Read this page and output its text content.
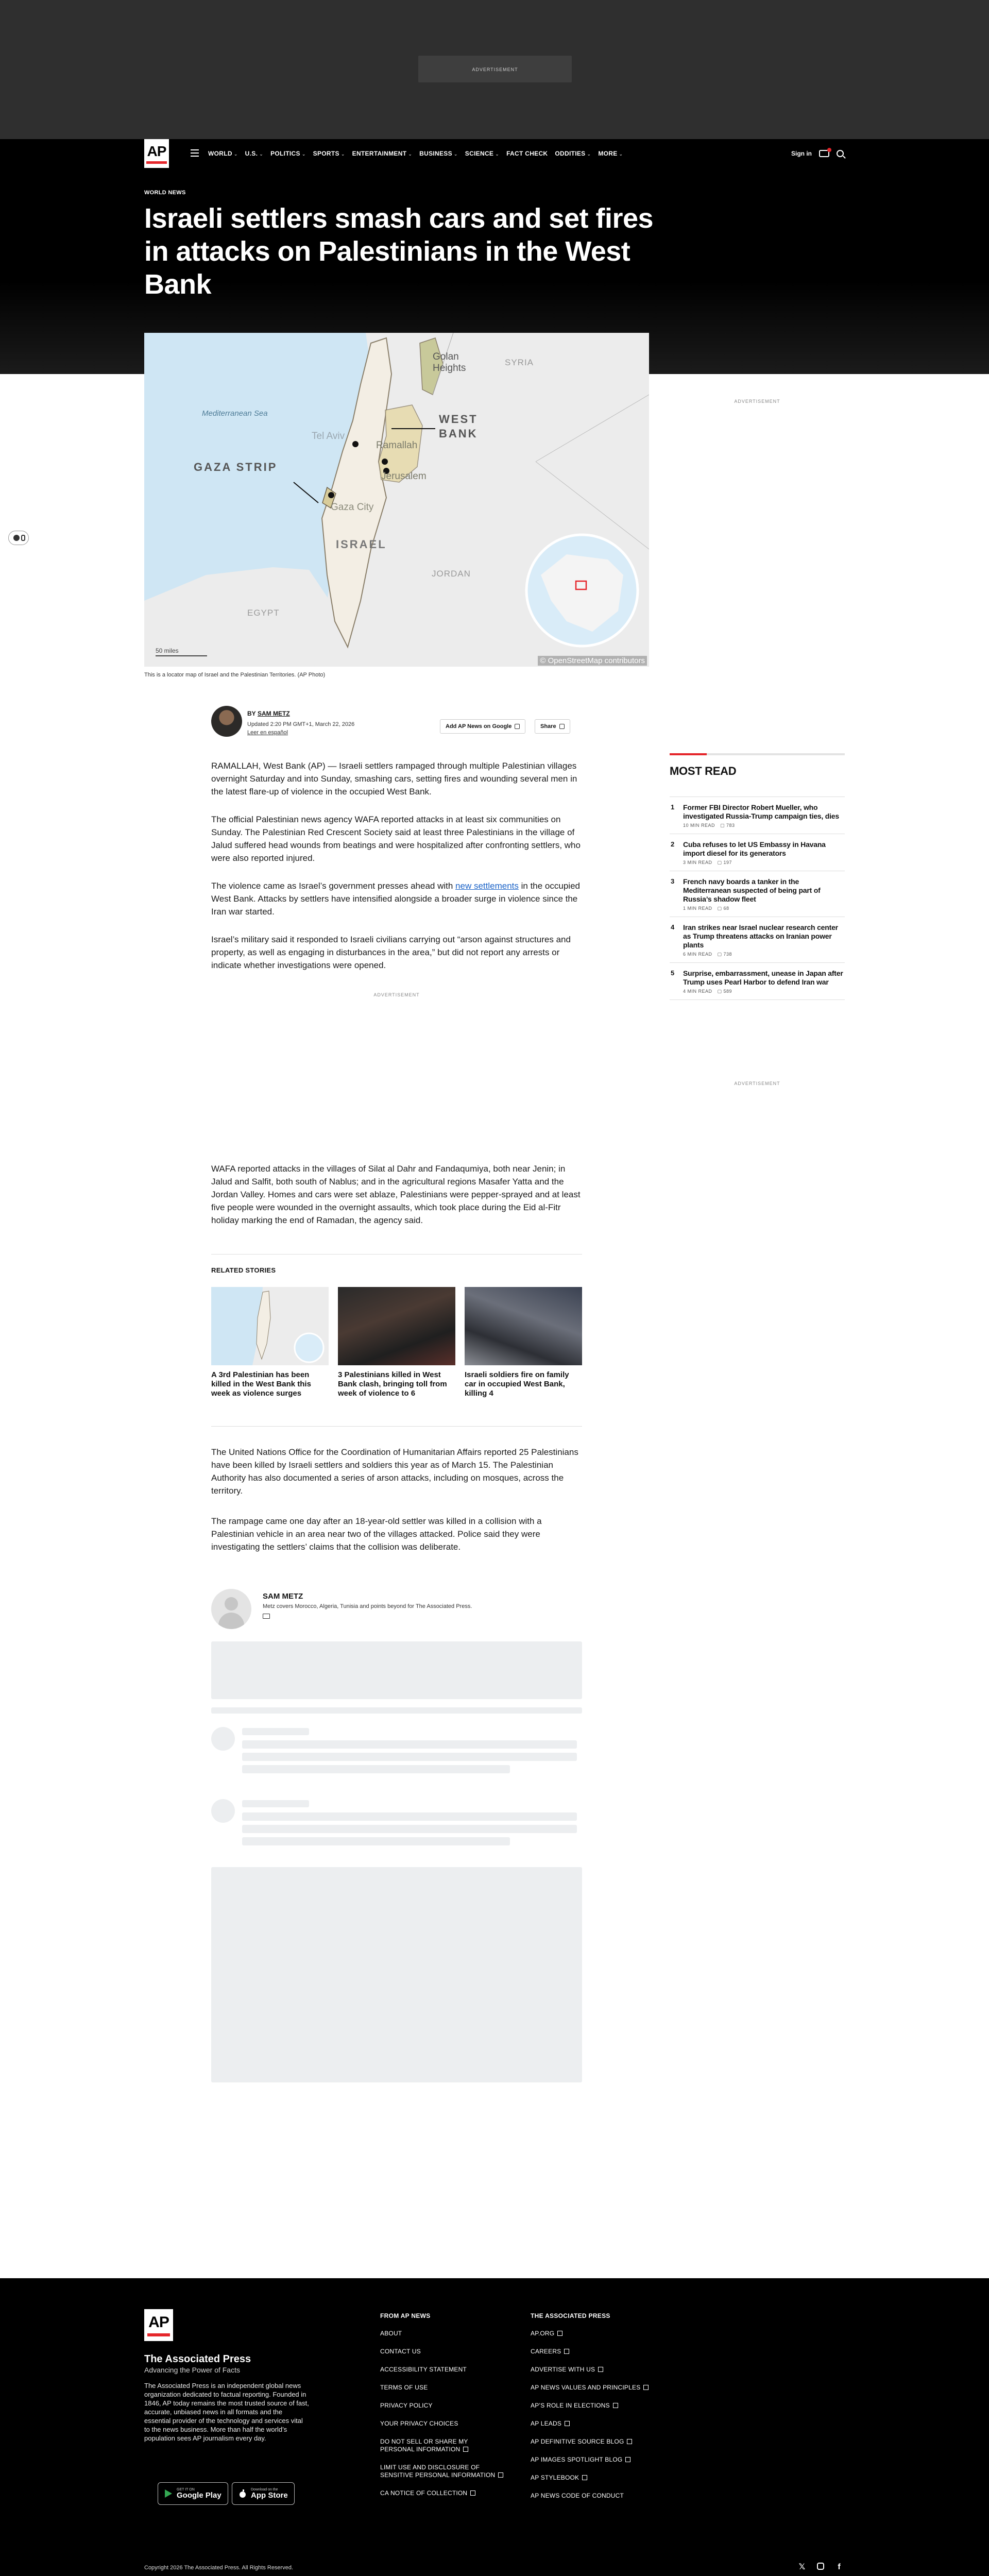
ADVERTISEMENT
AP	WORLD ⌄ U.S. ⌄ POLITICS ⌄ SPORTS ⌄ ENTERTAINMENT ⌄ BUSINESS ⌄ SCIENCE ⌄ FACT CHECK ODDITIES ⌄ MORE ⌄	Sign in
WORLD NEWS
Israeli settlers smash cars and set fires in attacks on Palestinians in the West Bank
Golan Heights
SYRIA
Mediterranean Sea
Tel Aviv
Ramallah
WEST BANK
Jerusalem
GAZA STRIP
Gaza City
ISRAEL
JORDAN
EGYPT
50 miles
© OpenStreetMap contributors
This is a locator map of Israel and the Palestinian Territories. (AP Photo)
BY SAM METZ
Updated 2:20 PM GMT+1, March 22, 2026
Leer en español
Add AP News on Google	Share

RAMALLAH, West Bank (AP) — Israeli settlers rampaged through multiple Palestinian villages overnight Saturday and into Sunday, smashing cars, setting fires and wounding several men in the latest flare-up of violence in the occupied West Bank.

The official Palestinian news agency WAFA reported attacks in at least six communities on Sunday. The Palestinian Red Crescent Society said at least three Palestinians in the village of Jalud suffered head wounds from beatings and were hospitalized after confronting settlers, who were also reported injured.

The violence came as Israel’s government presses ahead with new settlements in the occupied West Bank. Attacks by settlers have intensified alongside a broader surge in violence since the Iran war started.

Israel’s military said it responded to Israeli civilians carrying out “arson against structures and property, as well as engaging in disturbances in the area,” but did not report any arrests or indicate whether investigations were opened.

ADVERTISEMENT

WAFA reported attacks in the villages of Silat al Dahr and Fandaqumiya, both near Jenin; in Jalud and Salfit, both south of Nablus; and in the agricultural regions Masafer Yatta and the Jordan Valley. Homes and cars were set ablaze, Palestinians were pepper-sprayed and at least five people were wounded in the overnight assaults, which took place during the Eid al-Fitr holiday marking the end of Ramadan, the agency said.

RELATED STORIES
A 3rd Palestinian has been killed in the West Bank this week as violence surges
3 Palestinians killed in West Bank clash, bringing toll from week of violence to 6
Israeli soldiers fire on family car in occupied West Bank, killing 4

The United Nations Office for the Coordination of Humanitarian Affairs reported 25 Palestinians have been killed by Israeli settlers and soldiers this year as of March 15. The Palestinian Authority has also documented a series of arson attacks, including on mosques, across the territory.

The rampage came one day after an 18-year-old settler was killed in a collision with a Palestinian vehicle in an area near two of the villages attacked. Police said they were investigating the settlers’ claims that the collision was deliberate.

SAM METZ
Metz covers Morocco, Algeria, Tunisia and points beyond for The Associated Press.
ADVERTISEMENT
MOST READ
1 Former FBI Director Robert Mueller, who investigated Russia-Trump campaign ties, dies
10 MIN READ ▢ 783
2 Cuba refuses to let US Embassy in Havana import diesel for its generators
3 MIN READ ▢ 197
3 French navy boards a tanker in the Mediterranean suspected of being part of Russia’s shadow fleet
1 MIN READ ▢ 68
4 Iran strikes near Israel nuclear research center as Trump threatens attacks on Iranian power plants
6 MIN READ ▢ 738
5 Surprise, embarrassment, unease in Japan after Trump uses Pearl Harbor to defend Iran war
4 MIN READ ▢ 589
ADVERTISEMENT
AP
The Associated Press
Advancing the Power of Facts
The Associated Press is an independent global news organization dedicated to factual reporting. Founded in 1846, AP today remains the most trusted source of fast, accurate, unbiased news in all formats and the essential provider of the technology and services vital to the news business. More than half the world’s population sees AP journalism every day.
GET IT ON
Google Play
Download on the
App Store
FROM AP NEWS
ABOUT
CONTACT US
ACCESSIBILITY STATEMENT
TERMS OF USE
PRIVACY POLICY
YOUR PRIVACY CHOICES
DO NOT SELL OR SHARE MY PERSONAL INFORMATION
LIMIT USE AND DISCLOSURE OF SENSITIVE PERSONAL INFORMATION
CA NOTICE OF COLLECTION
THE ASSOCIATED PRESS
AP.ORG
CAREERS
ADVERTISE WITH US
AP NEWS VALUES AND PRINCIPLES
AP’S ROLE IN ELECTIONS
AP LEADS
AP DEFINITIVE SOURCE BLOG
AP IMAGES SPOTLIGHT BLOG
AP STYLEBOOK
AP NEWS CODE OF CONDUCT
Copyright 2026 The Associated Press. All Rights Reserved.	𝕏	f
